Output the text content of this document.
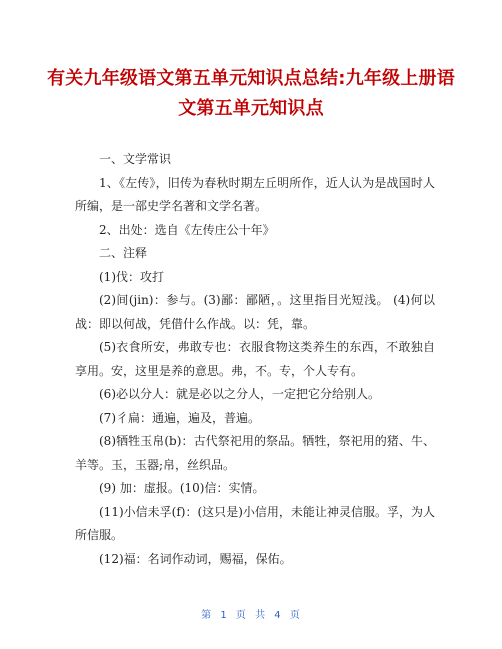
有关九年级语文第五单元知识点总结:九年级上册语文第五单元知识点

一、文学常识

1、《左传》，旧传为春秋时期左丘明所作，近人认为是战国时人所编，是一部史学名著和文学名著。

2、出处：选自《左传庄公十年》

二、注释

(1)伐：攻打

(2)间(jin)：参与。(3)鄙：鄙陋，。这里指目光短浅。 (4)何以战：即以何战，凭借什么作战。以：凭，靠。

(5)衣食所安，弗敢专也：衣服食物这类养生的东西，不敢独自享用。安，这里是养的意思。弗，不。专，个人专有。

(6)必以分人：就是必以之分人，一定把它分给别人。

(7)彳扁：通遍，遍及，普遍。

(8)牺牲玉帛(b)：古代祭祀用的祭品。牺牲，祭祀用的猪、牛、羊等。玉，玉器;帛，丝织品。

(9) 加：虚报。(10)信：实情。

(11)小信未孚(f)：(这只是)小信用，未能让神灵信服。孚，为人所信服。

(12)福：名词作动词，赐福，保佑。

第 1 页 共 4 页
